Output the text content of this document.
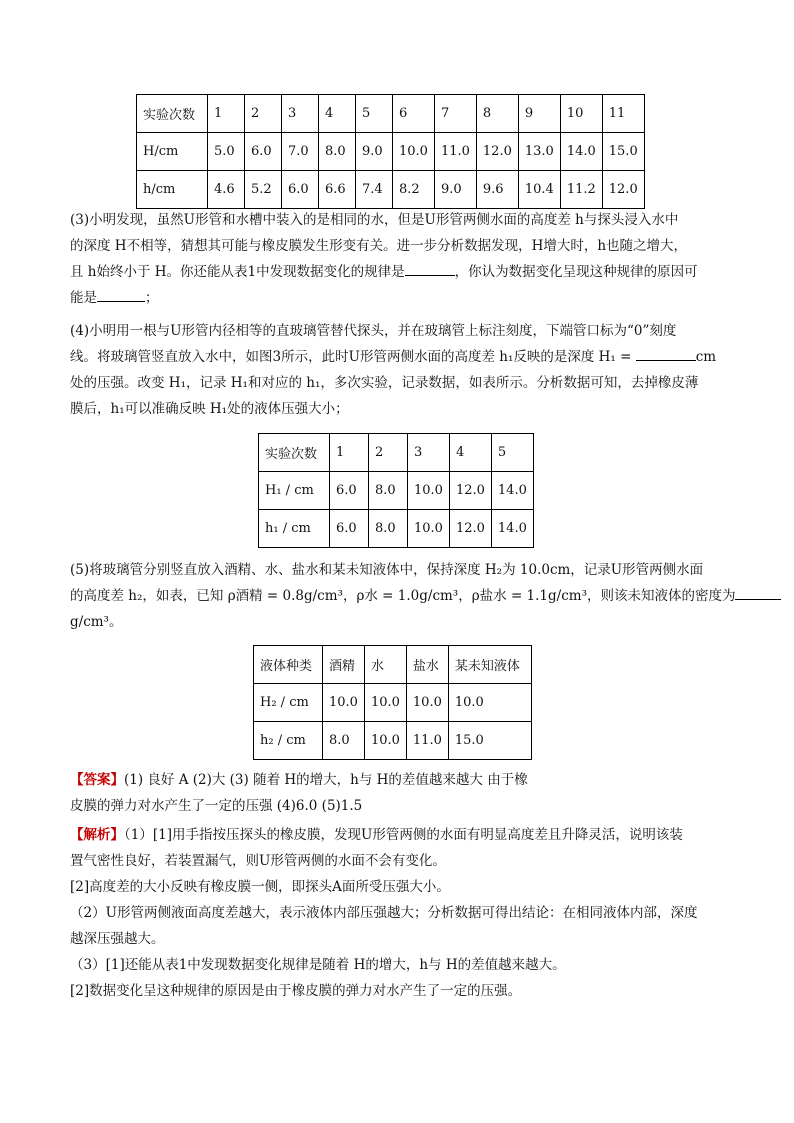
实验次数	1	2	3	4	5	6	7	8	9	10	11
H/cm	5.0	6.0	7.0	8.0	9.0	10.0	11.0	12.0	13.0	14.0	15.0
h/cm	4.6	5.2	6.0	6.6	7.4	8.2	9.0	9.6	10.4	11.2	12.0
(3)小明发现，虽然U形管和水槽中装入的是相同的水，但是U形管两侧水面的高度差 h与探头浸入水中
的深度 H不相等，猜想其可能与橡皮膜发生形变有关。进一步分析数据发现，H增大时，h也随之增大，
且 h始终小于 H。你还能从表1中发现数据变化的规律是	，你认为数据变化呈现这种规律的原因可
能是	；
(4)小明用一根与U形管内径相等的直玻璃管替代探头，并在玻璃管上标注刻度，下端管口标为“0”刻度
线。将玻璃管竖直放入水中，如图3所示，此时U形管两侧水面的高度差 h₁反映的是深度 H₁ =	cm
处的压强。改变 H₁，记录 H₁和对应的 h₁，多次实验，记录数据，如表所示。分析数据可知，去掉橡皮薄
膜后，h₁可以准确反映 H₁处的液体压强大小；
实验次数	1	2	3	4	5
H₁ / cm	6.0	8.0	10.0	12.0	14.0
h₁ / cm	6.0	8.0	10.0	12.0	14.0
(5)将玻璃管分别竖直放入酒精、水、盐水和某未知液体中，保持深度 H₂为 10.0cm，记录U形管两侧水面
的高度差 h₂，如表，已知 ρ酒精 = 0.8g/cm³，ρ水 = 1.0g/cm³，ρ盐水 = 1.1g/cm³，则该未知液体的密度为
g/cm³。
液体种类	酒精	水	盐水	某未知液体
H₂ / cm	10.0	10.0	10.0	10.0
h₂ / cm	8.0	10.0	11.0	15.0
【答案】(1) 良好 A (2)大 (3) 随着 H的增大，h与 H的差值越来越大 由于橡
皮膜的弹力对水产生了一定的压强 (4)6.0 (5)1.5
【解析】（1）[1]用手指按压探头的橡皮膜，发现U形管两侧的水面有明显高度差且升降灵活，说明该装
置气密性良好，若装置漏气，则U形管两侧的水面不会有变化。
[2]高度差的大小反映有橡皮膜一侧，即探头A面所受压强大小。
（2）U形管两侧液面高度差越大，表示液体内部压强越大；分析数据可得出结论：在相同液体内部，深度
越深压强越大。
（3）[1]还能从表1中发现数据变化规律是随着 H的增大，h与 H的差值越来越大。
[2]数据变化呈这种规律的原因是由于橡皮膜的弹力对水产生了一定的压强。
